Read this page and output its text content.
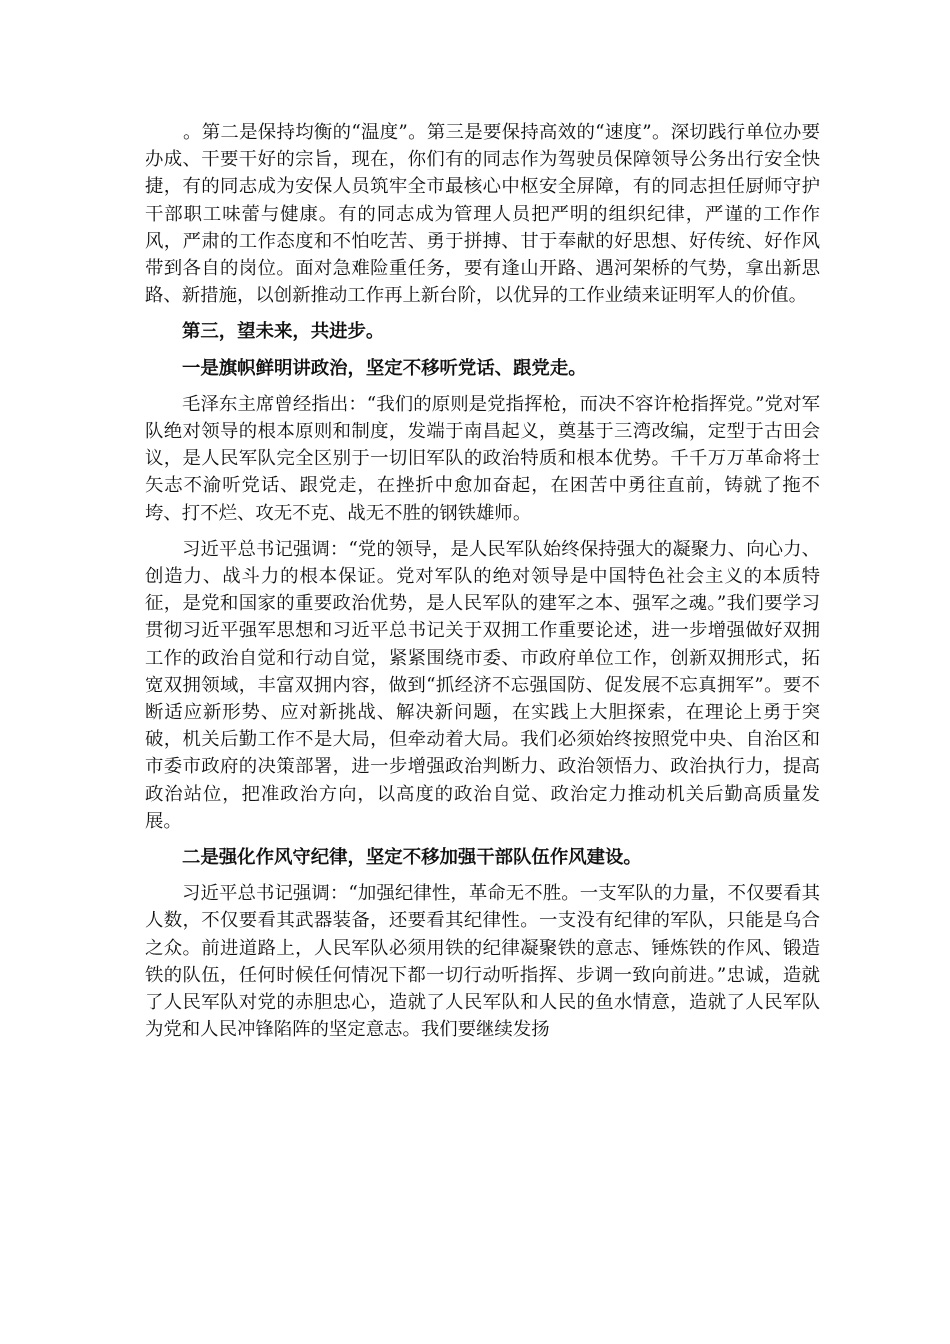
。第二是保持均衡的“温度”。第三是要保持高效的“速度”。深切践行单位办要办成、干要干好的宗旨，现在，你们有的同志作为驾驶员保障领导公务出行安全快捷，有的同志成为安保人员筑牢全市最核心中枢安全屏障，有的同志担任厨师守护干部职工味蕾与健康。有的同志成为管理人员把严明的组织纪律，严谨的工作作风，严肃的工作态度和不怕吃苦、勇于拼搏、甘于奉献的好思想、好传统、好作风带到各自的岗位。面对急难险重任务，要有逢山开路、遇河架桥的气势，拿出新思路、新措施，以创新推动工作再上新台阶，以优异的工作业绩来证明军人的价值。

第三，望未来，共进步。

一是旗帜鲜明讲政治，坚定不移听党话、跟党走。

毛泽东主席曾经指出：“我们的原则是党指挥枪，而决不容许枪指挥党。”党对军队绝对领导的根本原则和制度，发端于南昌起义，奠基于三湾改编，定型于古田会议，是人民军队完全区别于一切旧军队的政治特质和根本优势。千千万万革命将士矢志不渝听党话、跟党走，在挫折中愈加奋起，在困苦中勇往直前，铸就了拖不垮、打不烂、攻无不克、战无不胜的钢铁雄师。

习近平总书记强调：“党的领导，是人民军队始终保持强大的凝聚力、向心力、创造力、战斗力的根本保证。党对军队的绝对领导是中国特色社会主义的本质特征，是党和国家的重要政治优势，是人民军队的建军之本、强军之魂。”我们要学习贯彻习近平强军思想和习近平总书记关于双拥工作重要论述，进一步增强做好双拥工作的政治自觉和行动自觉，紧紧围绕市委、市政府单位工作，创新双拥形式，拓宽双拥领域，丰富双拥内容，做到“抓经济不忘强国防、促发展不忘真拥军”。要不断适应新形势、应对新挑战、解决新问题，在实践上大胆探索，在理论上勇于突破，机关后勤工作不是大局，但牵动着大局。我们必须始终按照党中央、自治区和市委市政府的决策部署，进一步增强政治判断力、政治领悟力、政治执行力，提高政治站位，把准政治方向，以高度的政治自觉、政治定力推动机关后勤高质量发展。

二是强化作风守纪律，坚定不移加强干部队伍作风建设。

习近平总书记强调：“加强纪律性，革命无不胜。一支军队的力量，不仅要看其人数，不仅要看其武器装备，还要看其纪律性。一支没有纪律的军队，只能是乌合之众。前进道路上，人民军队必须用铁的纪律凝聚铁的意志、锤炼铁的作风、锻造铁的队伍，任何时候任何情况下都一切行动听指挥、步调一致向前进。”忠诚，造就了人民军队对党的赤胆忠心，造就了人民军队和人民的鱼水情意，造就了人民军队为党和人民冲锋陷阵的坚定意志。我们要继续发扬
